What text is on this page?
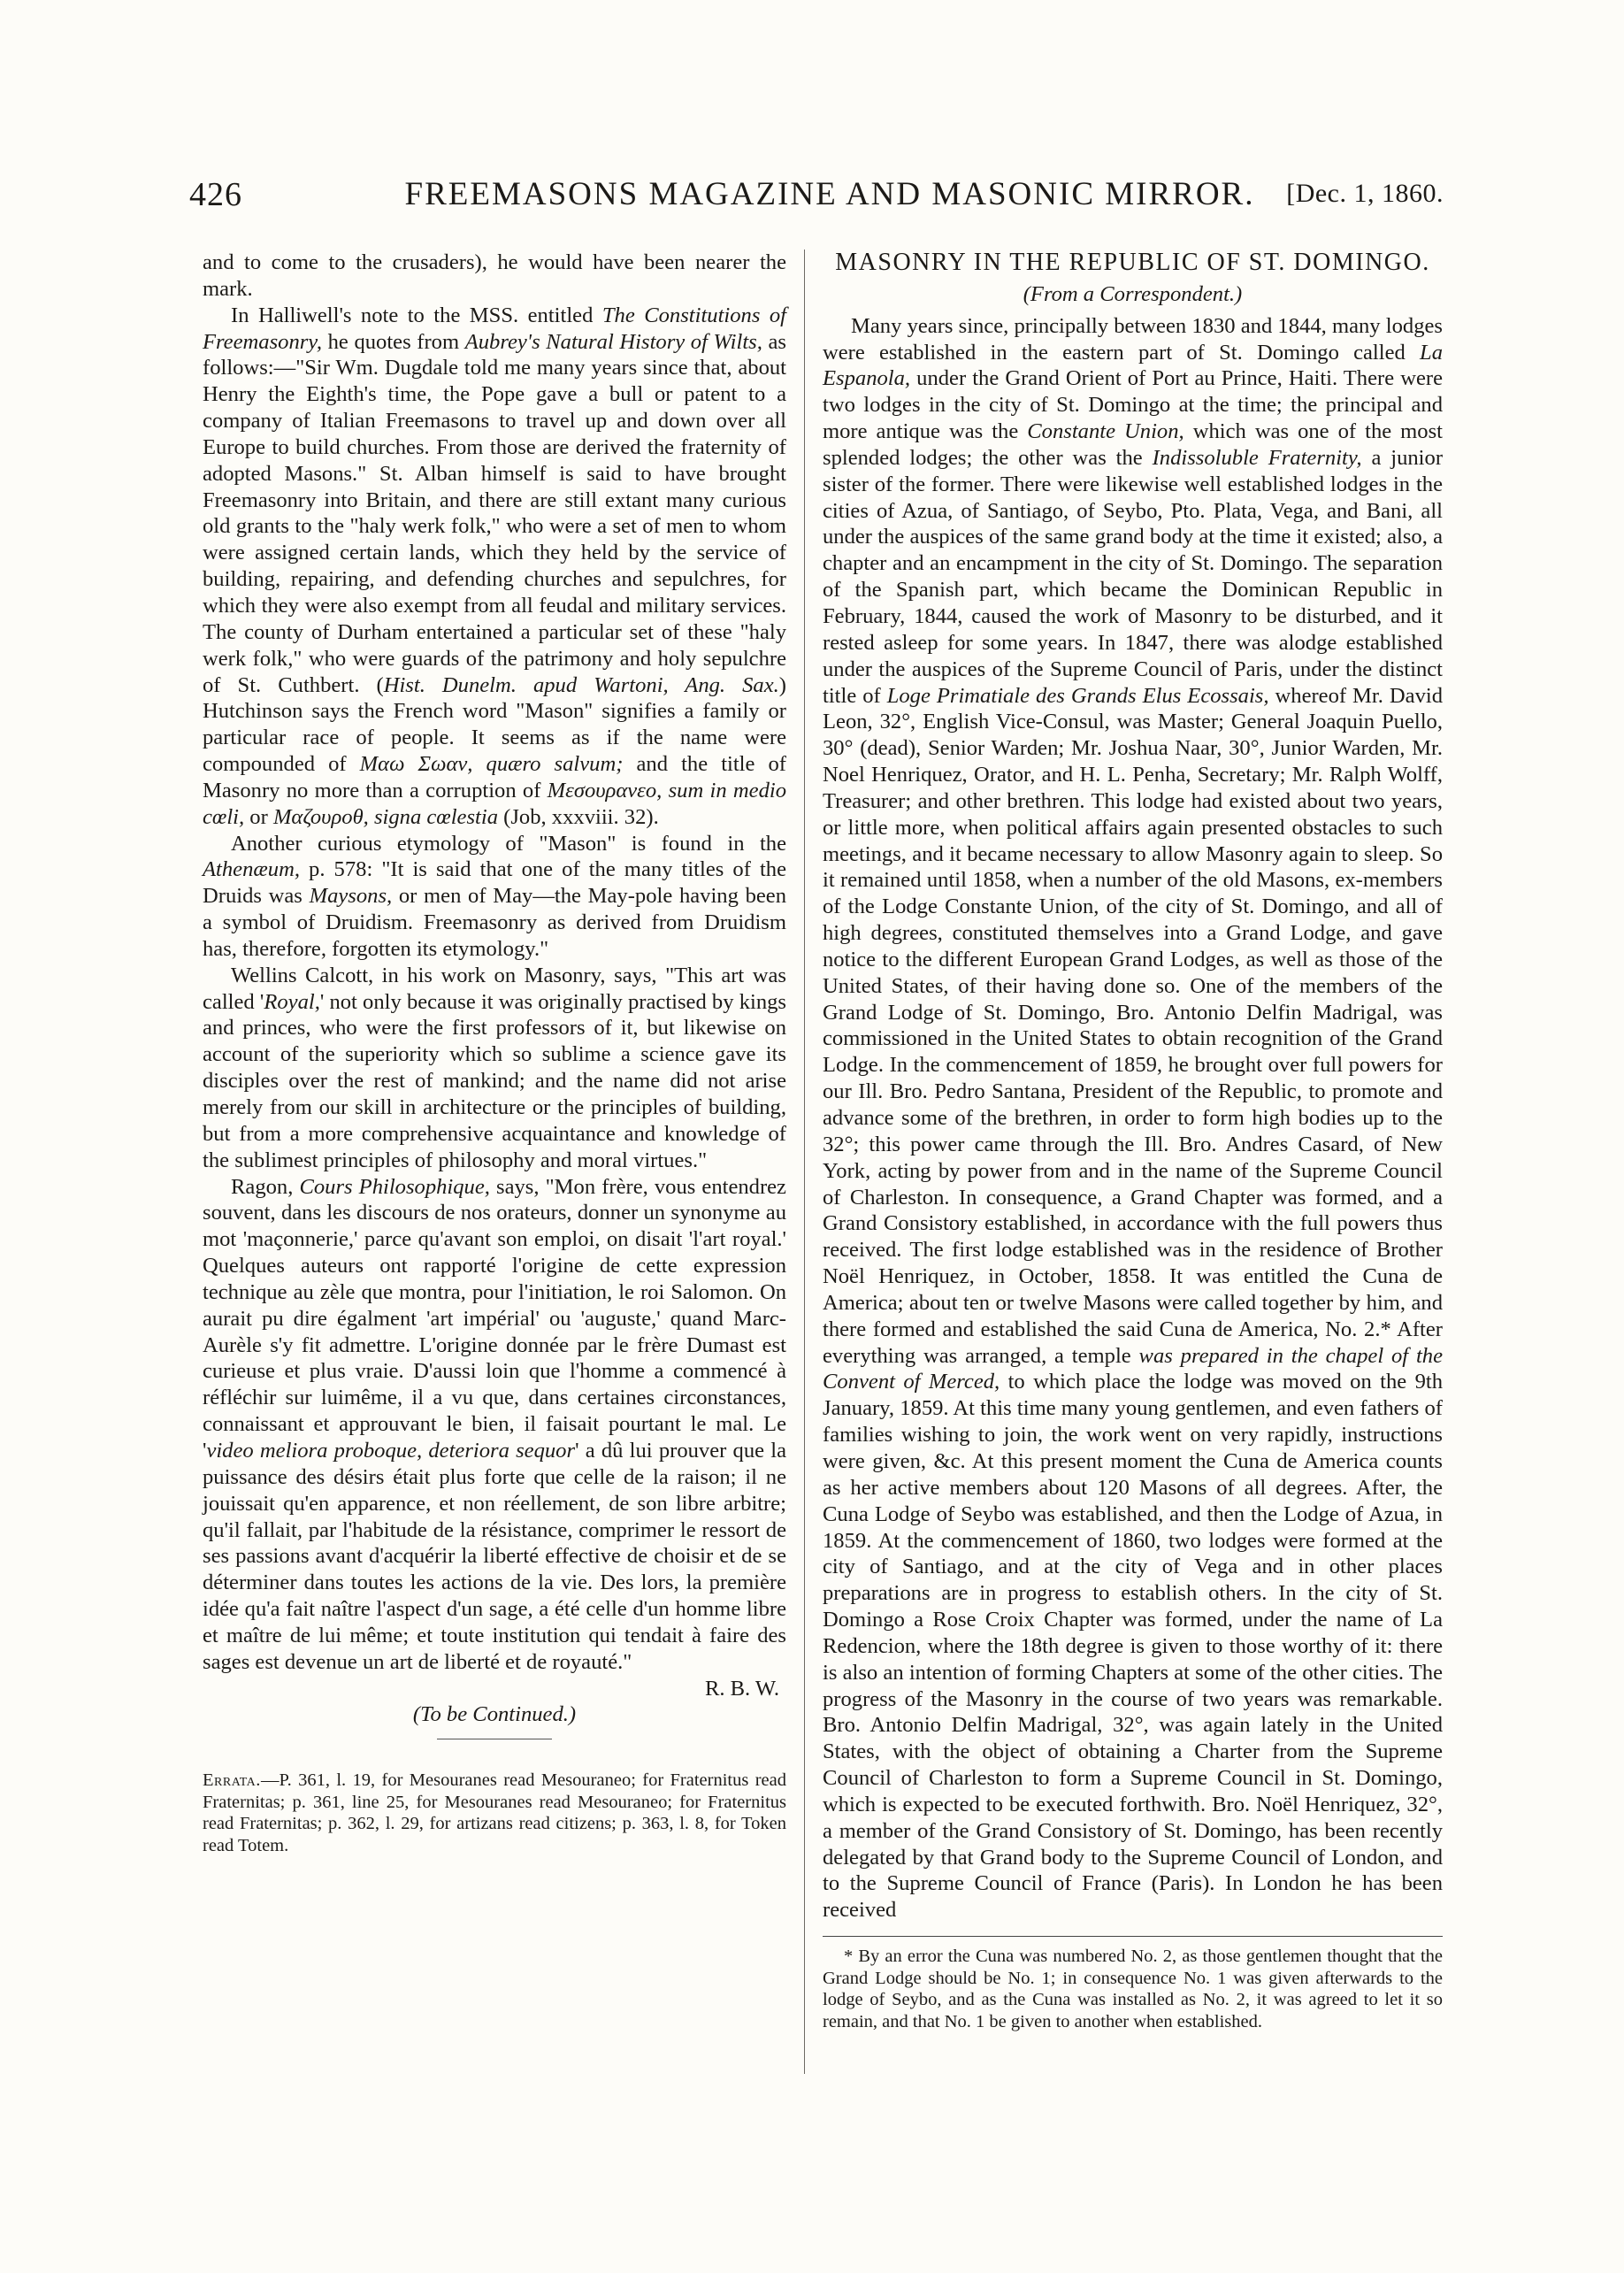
426	FREEMASONS MAGAZINE AND MASONIC MIRROR.	[Dec. 1, 1860.

and to come to the crusaders), he would have been nearer the mark.

In Halliwell's note to the MSS. entitled The Constitutions of Freemasonry, he quotes from Aubrey's Natural History of Wilts, as follows:—"Sir Wm. Dugdale told me many years since that, about Henry the Eighth's time, the Pope gave a bull or patent to a company of Italian Freemasons to travel up and down over all Europe to build churches. From those are derived the fraternity of adopted Masons." St. Alban himself is said to have brought Freemasonry into Britain, and there are still extant many curious old grants to the "haly werk folk," who were a set of men to whom were assigned certain lands, which they held by the service of building, repairing, and defending churches and sepulchres, for which they were also exempt from all feudal and military services. The county of Durham entertained a particular set of these "haly werk folk," who were guards of the patrimony and holy sepulchre of St. Cuthbert. (Hist. Dunelm. apud Wartoni, Ang. Sax.) Hutchinson says the French word "Mason" signifies a family or particular race of people. It seems as if the name were compounded of Μαω Σωαν, quæro salvum; and the title of Masonry no more than a corruption of Μεσουρανεο, sum in medio cœli, or Μαζουροθ, signa cœlestia (Job, xxxviii. 32).

Another curious etymology of "Mason" is found in the Athenæum, p. 578: "It is said that one of the many titles of the Druids was Maysons, or men of May—the May-pole having been a symbol of Druidism. Freemasonry as derived from Druidism has, therefore, forgotten its etymology."

Wellins Calcott, in his work on Masonry, says, "This art was called 'Royal,' not only because it was originally practised by kings and princes, who were the first professors of it, but likewise on account of the superiority which so sublime a science gave its disciples over the rest of mankind; and the name did not arise merely from our skill in architecture or the principles of building, but from a more comprehensive acquaintance and knowledge of the sublimest principles of philosophy and moral virtues."

Ragon, Cours Philosophique, says, "Mon frère, vous entendrez souvent, dans les discours de nos orateurs, donner un synonyme au mot 'maçonnerie,' parce qu'avant son emploi, on disait 'l'art royal.' Quelques auteurs ont rapporté l'origine de cette expression technique au zèle que montra, pour l'initiation, le roi Salomon. On aurait pu dire égalment 'art impérial' ou 'auguste,' quand Marc-Aurèle s'y fit admettre. L'origine donnée par le frère Dumast est curieuse et plus vraie. D'aussi loin que l'homme a commencé à réfléchir sur luimême, il a vu que, dans certaines circonstances, connaissant et approuvant le bien, il faisait pourtant le mal. Le 'video meliora proboque, deteriora sequor' a dû lui prouver que la puissance des désirs était plus forte que celle de la raison; il ne jouissait qu'en apparence, et non réellement, de son libre arbitre; qu'il fallait, par l'habitude de la résistance, comprimer le ressort de ses passions avant d'acquérir la liberté effective de choisir et de se déterminer dans toutes les actions de la vie. Des lors, la première idée qu'a fait naître l'aspect d'un sage, a été celle d'un homme libre et maître de lui même; et toute institution qui tendait à faire des sages est devenue un art de liberté et de royauté."

R. B. W.

(To be Continued.)

Errata.—P. 361, l. 19, for Mesouranes read Mesouraneo; for Fraternitus read Fraternitas; p. 361, line 25, for Mesouranes read Mesouraneo; for Fraternitus read Fraternitas; p. 362, l. 29, for artizans read citizens; p. 363, l. 8, for Token read Totem.

MASONRY IN THE REPUBLIC OF ST. DOMINGO.

(From a Correspondent.)

Many years since, principally between 1830 and 1844, many lodges were established in the eastern part of St. Domingo called La Espanola, under the Grand Orient of Port au Prince, Haiti. There were two lodges in the city of St. Domingo at the time; the principal and more antique was the Constante Union, which was one of the most splended lodges; the other was the Indissoluble Fraternity, a junior sister of the former. There were likewise well established lodges in the cities of Azua, of Santiago, of Seybo, Pto. Plata, Vega, and Bani, all under the auspices of the same grand body at the time it existed; also, a chapter and an encampment in the city of St. Domingo. The separation of the Spanish part, which became the Dominican Republic in February, 1844, caused the work of Masonry to be disturbed, and it rested asleep for some years. In 1847, there was alodge established under the auspices of the Supreme Council of Paris, under the distinct title of Loge Primatiale des Grands Elus Ecossais, whereof Mr. David Leon, 32°, English Vice-Consul, was Master; General Joaquin Puello, 30° (dead), Senior Warden; Mr. Joshua Naar, 30°, Junior Warden, Mr. Noel Henriquez, Orator, and H. L. Penha, Secretary; Mr. Ralph Wolff, Treasurer; and other brethren. This lodge had existed about two years, or little more, when political affairs again presented obstacles to such meetings, and it became necessary to allow Masonry again to sleep. So it remained until 1858, when a number of the old Masons, ex-members of the Lodge Constante Union, of the city of St. Domingo, and all of high degrees, constituted themselves into a Grand Lodge, and gave notice to the different European Grand Lodges, as well as those of the United States, of their having done so. One of the members of the Grand Lodge of St. Domingo, Bro. Antonio Delfin Madrigal, was commissioned in the United States to obtain recognition of the Grand Lodge. In the commencement of 1859, he brought over full powers for our Ill. Bro. Pedro Santana, President of the Republic, to promote and advance some of the brethren, in order to form high bodies up to the 32°; this power came through the Ill. Bro. Andres Casard, of New York, acting by power from and in the name of the Supreme Council of Charleston. In consequence, a Grand Chapter was formed, and a Grand Consistory established, in accordance with the full powers thus received. The first lodge established was in the residence of Brother Noël Henriquez, in October, 1858. It was entitled the Cuna de America; about ten or twelve Masons were called together by him, and there formed and established the said Cuna de America, No. 2.* After everything was arranged, a temple was prepared in the chapel of the Convent of Merced, to which place the lodge was moved on the 9th January, 1859. At this time many young gentlemen, and even fathers of families wishing to join, the work went on very rapidly, instructions were given, &c. At this present moment the Cuna de America counts as her active members about 120 Masons of all degrees. After, the Cuna Lodge of Seybo was established, and then the Lodge of Azua, in 1859. At the commencement of 1860, two lodges were formed at the city of Santiago, and at the city of Vega and in other places preparations are in progress to establish others. In the city of St. Domingo a Rose Croix Chapter was formed, under the name of La Redencion, where the 18th degree is given to those worthy of it: there is also an intention of forming Chapters at some of the other cities. The progress of the Masonry in the course of two years was remarkable. Bro. Antonio Delfin Madrigal, 32°, was again lately in the United States, with the object of obtaining a Charter from the Supreme Council of Charleston to form a Supreme Council in St. Domingo, which is expected to be executed forthwith. Bro. Noël Henriquez, 32°, a member of the Grand Consistory of St. Domingo, has been recently delegated by that Grand body to the Supreme Council of London, and to the Supreme Council of France (Paris). In London he has been received

* By an error the Cuna was numbered No. 2, as those gentlemen thought that the Grand Lodge should be No. 1; in consequence No. 1 was given afterwards to the lodge of Seybo, and as the Cuna was installed as No. 2, it was agreed to let it so remain, and that No. 1 be given to another when established.
